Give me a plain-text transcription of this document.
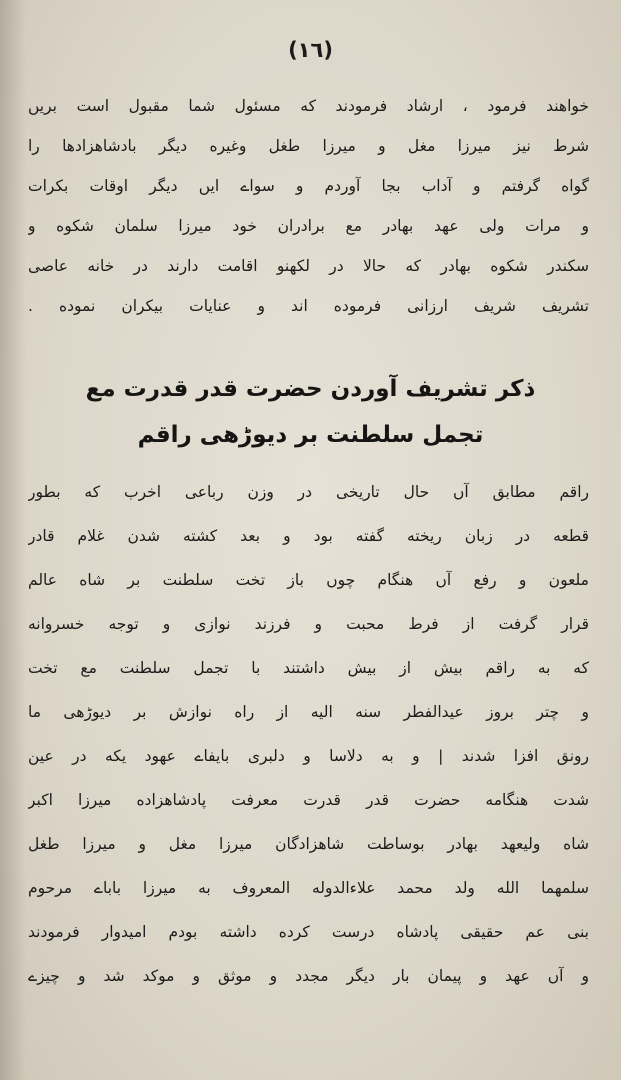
(۱٦)
خواهند فرمود ، ارشاد فرمودند که مسئول شما مقبول است بریں
شرط نیز میرزا مغل و میرزا طغل وغیره دیگر بادشاهزادها را
گواه گرفتم و آداب بجا آوردم و سواے ایں دیگر اوقات بکرات
و مرات ولی عهد بهادر مع برادران خود میرزا سلمان شکوه و
سکندر شکوه بهادر که حالا در لکهنو اقامت دارند در خانه عاصی
تشریف شریف ارزانی فرموده اند و عنایات بیکران نموده .
ذکر تشریف آوردن حضرت قدر قدرت مع
تجمل سلطنت بر دیوڑهی راقم
راقم مطابق آں حال تاریخی در وزن رباعی اخرب که بطور
قطعه در زبان ریخته گفته بود و بعد کشته شدن غلام قادر
ملعون و رفع آں هنگام چوں باز تخت سلطنت بر شاه عالم
قرار گرفت از فرط محبت و فرزند نوازی و توجه خسروانه
که به راقم بیش از بیش داشتند با تجمل سلطنت مع تخت
و چتر بروز عیدالفطر سنه الیه از راه نوازش بر دیوڑهی ما
رونق افزا شدند | و به دلاسا و دلبری بایفاے عهود یکه در عین
شدت هنگامه حضرت قدر قدرت معرفت پادشاهزاده میرزا اکبر
شاه ولیعهد بهادر بوساطت شاهزادگان میرزا مغل و میرزا طغل
سلمهما الله ولد محمد علاءالدوله المعروف به میرزا باباے مرحوم
بنی عم حقیقی پادشاه درست کرده داشته بودم امیدوار فرمودند
و آں عهد و پیمان بار دیگر مجدد و موثق و موکد شد و چیزے
